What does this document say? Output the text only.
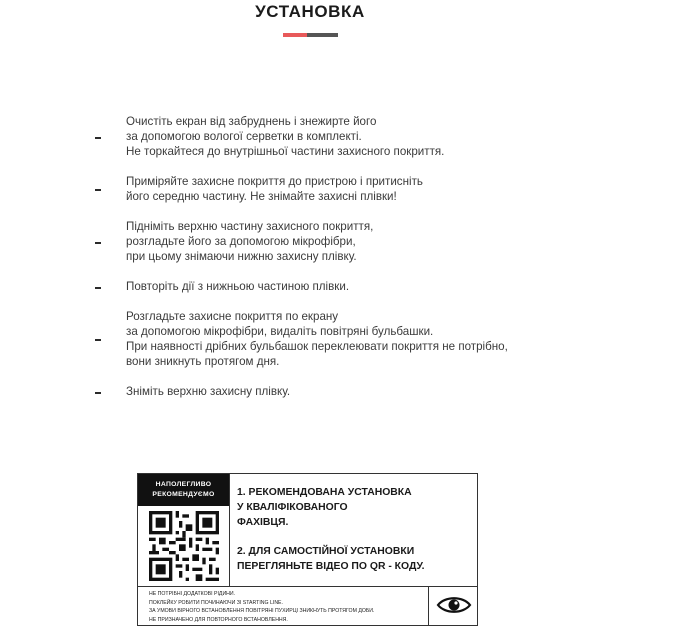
УСТАНОВКА
Очистіть екран від забруднень і знежирте його
за допомогою вологої серветки в комплекті.
Не торкайтеся до внутрішньої частини захисного покриття.
Приміряйте захисне покриття до пристрою і притисніть
його середню частину. Не знімайте захисні плівки!
Підніміть верхню частину захисного покриття,
розгладьте його за допомогою мікрофібри,
при цьому знімаючи нижню захисну плівку.
Повторіть дії з нижньою частиною плівки.
Розгладьте захисне покриття по екрану
за допомогою мікрофібри, видаліть повітряні бульбашки.
При наявності дрібних бульбашок переклеювати покриття не потрібно,
вони зникнуть протягом дня.
Зніміть верхню захисну плівку.
НАПОЛЕГЛИВО
РЕКОМЕНДУЄМО	1. РЕКОМЕНДОВАНА УСТАНОВКА
У КВАЛІФІКОВАНОГО
ФАХІВЦЯ.
2. ДЛЯ САМОСТІЙНОЇ УСТАНОВКИ
ПЕРЕГЛЯНЬТЕ ВІДЕО ПО QR - КОДУ.
НЕ ПОТРІБНІ ДОДАТКОВІ РІДИНИ.
ПОКЛЕЙКУ РОБИТИ ПОЧИНАЮЧИ ЗІ STARTING LINE.
ЗА УМОВИ ВІРНОГО ВСТАНОВЛЕННЯ ПОВІТРЯНІ ПУХИРЦІ ЗНИКНУТЬ ПРОТЯГОМ ДОБИ.
НЕ ПРИЗНАЧЕНО ДЛЯ ПОВТОРНОГО ВСТАНОВЛЕННЯ.
